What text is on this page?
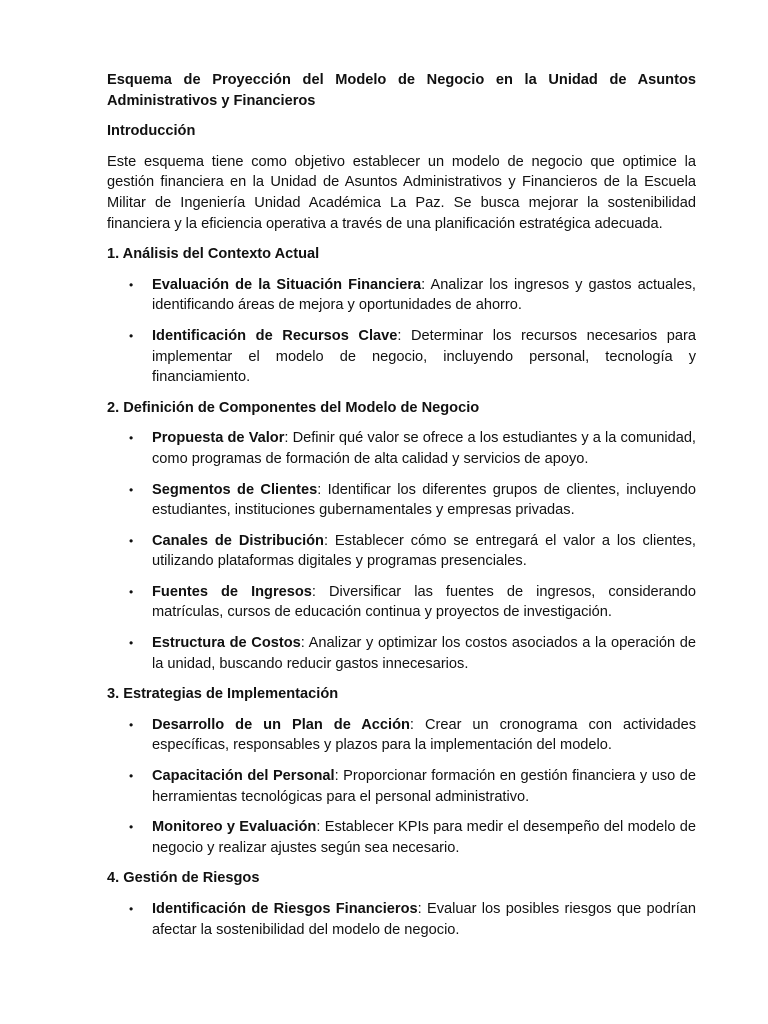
Esquema de Proyección del Modelo de Negocio en la Unidad de Asuntos Administrativos y Financieros
Introducción
Este esquema tiene como objetivo establecer un modelo de negocio que optimice la gestión financiera en la Unidad de Asuntos Administrativos y Financieros de la Escuela Militar de Ingeniería Unidad Académica La Paz. Se busca mejorar la sostenibilidad financiera y la eficiencia operativa a través de una planificación estratégica adecuada.
1. Análisis del Contexto Actual
• Evaluación de la Situación Financiera: Analizar los ingresos y gastos actuales, identificando áreas de mejora y oportunidades de ahorro.
• Identificación de Recursos Clave: Determinar los recursos necesarios para implementar el modelo de negocio, incluyendo personal, tecnología y financiamiento.
2. Definición de Componentes del Modelo de Negocio
• Propuesta de Valor: Definir qué valor se ofrece a los estudiantes y a la comunidad, como programas de formación de alta calidad y servicios de apoyo.
• Segmentos de Clientes: Identificar los diferentes grupos de clientes, incluyendo estudiantes, instituciones gubernamentales y empresas privadas.
• Canales de Distribución: Establecer cómo se entregará el valor a los clientes, utilizando plataformas digitales y programas presenciales.
• Fuentes de Ingresos: Diversificar las fuentes de ingresos, considerando matrículas, cursos de educación continua y proyectos de investigación.
• Estructura de Costos: Analizar y optimizar los costos asociados a la operación de la unidad, buscando reducir gastos innecesarios.
3. Estrategias de Implementación
• Desarrollo de un Plan de Acción: Crear un cronograma con actividades específicas, responsables y plazos para la implementación del modelo.
• Capacitación del Personal: Proporcionar formación en gestión financiera y uso de herramientas tecnológicas para el personal administrativo.
• Monitoreo y Evaluación: Establecer KPIs para medir el desempeño del modelo de negocio y realizar ajustes según sea necesario.
4. Gestión de Riesgos
• Identificación de Riesgos Financieros: Evaluar los posibles riesgos que podrían afectar la sostenibilidad del modelo de negocio.
